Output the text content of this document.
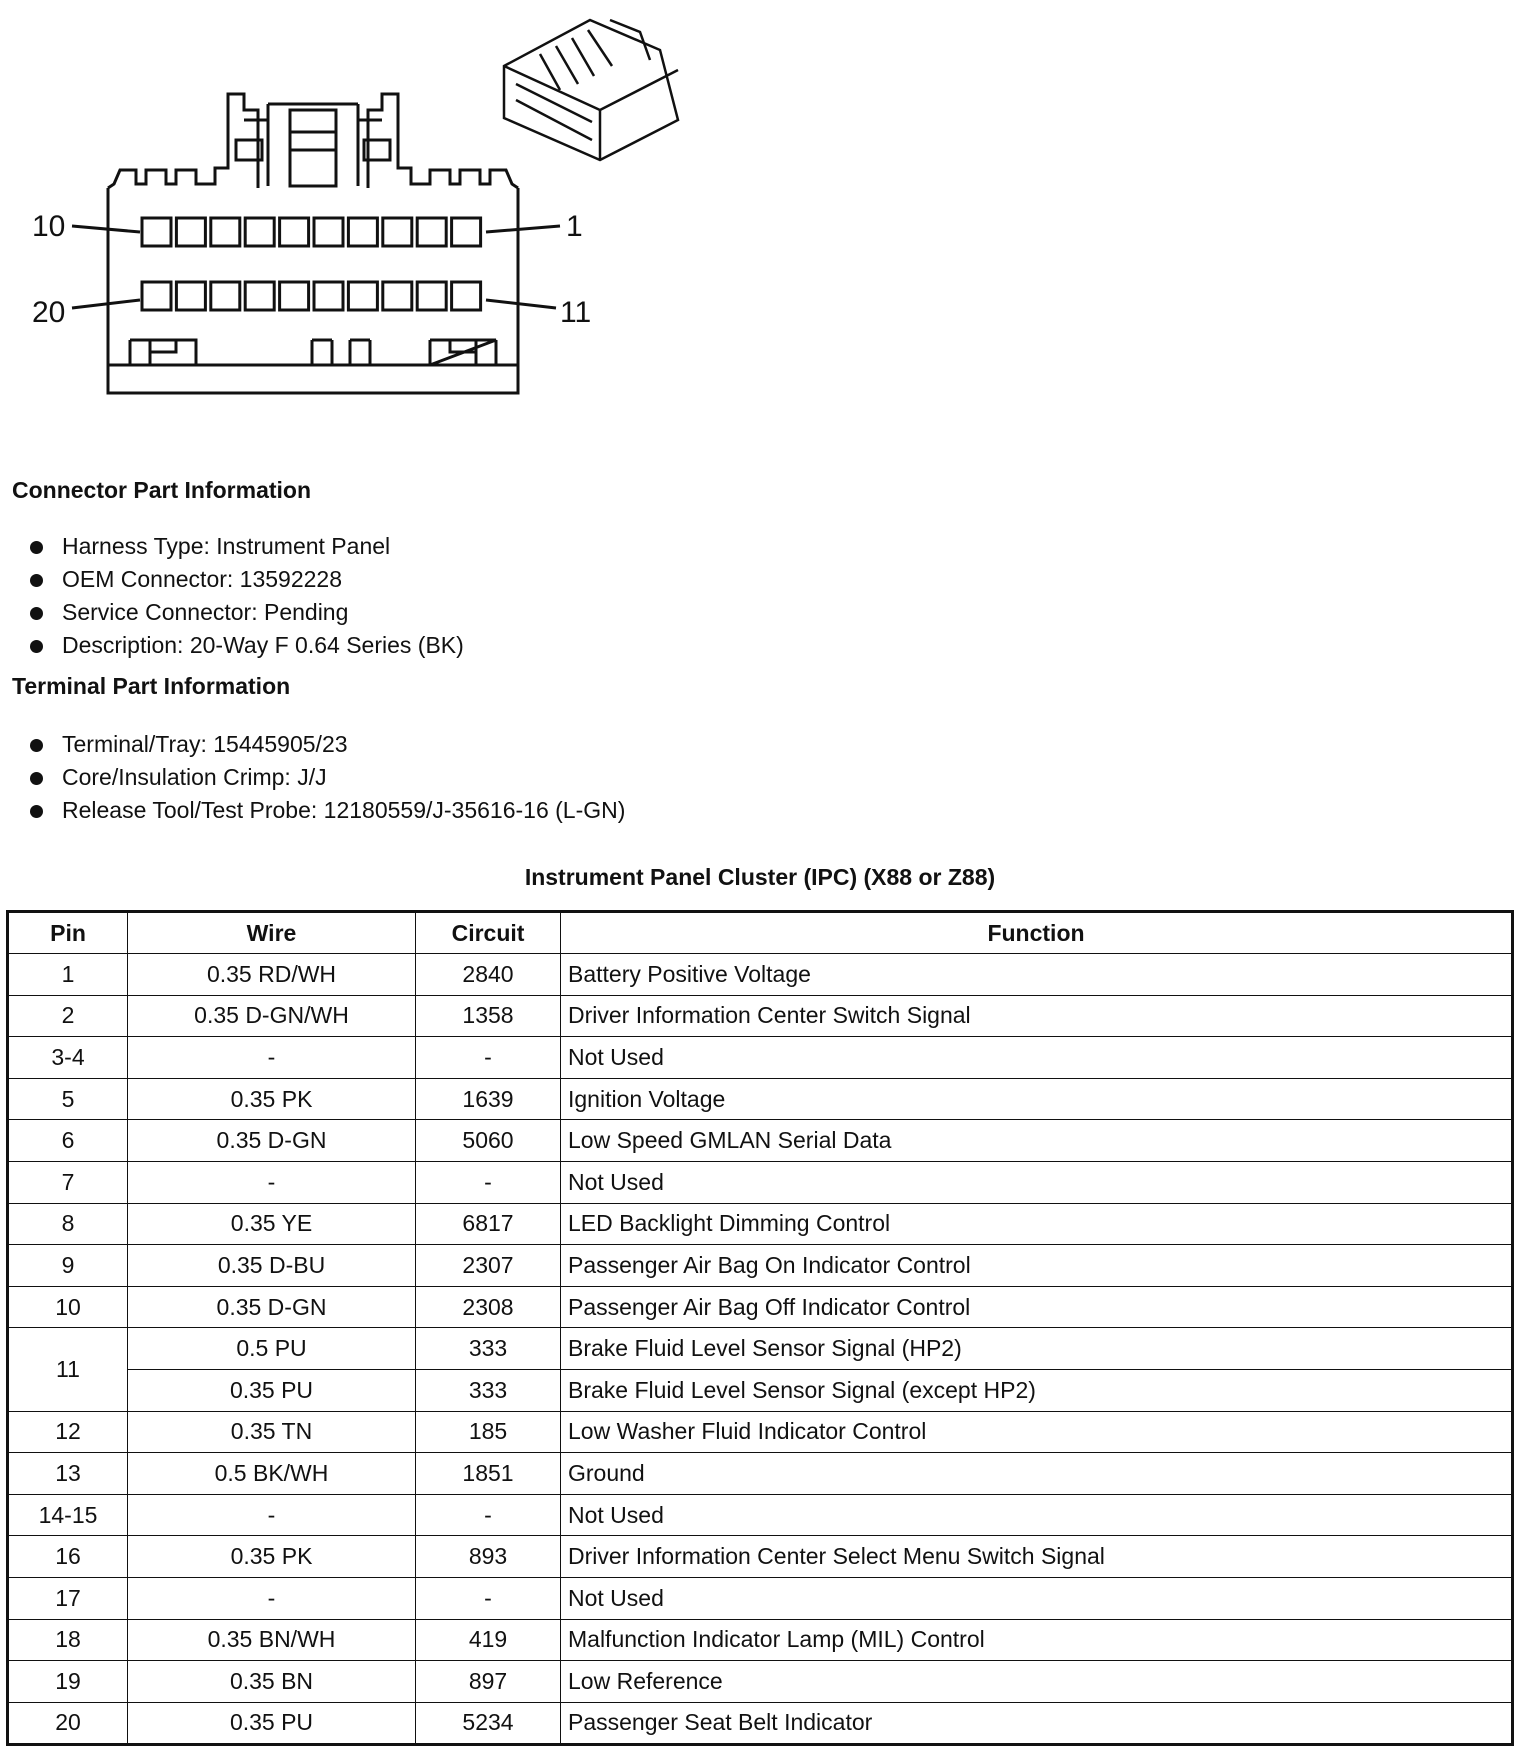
10	1
20	11
Connector Part Information
Harness Type: Instrument Panel
OEM Connector: 13592228
Service Connector: Pending
Description: 20-Way F 0.64 Series (BK)
Terminal Part Information
Terminal/Tray: 15445905/23
Core/Insulation Crimp: J/J
Release Tool/Test Probe: 12180559/J-35616-16 (L-GN)
Instrument Panel Cluster (IPC) (X88 or Z88)
Pin	Wire	Circuit	Function
1	0.35 RD/WH	2840	Battery Positive Voltage
2	0.35 D-GN/WH	1358	Driver Information Center Switch Signal
3-4	-	-	Not Used
5	0.35 PK	1639	Ignition Voltage
6	0.35 D-GN	5060	Low Speed GMLAN Serial Data
7	-	-	Not Used
8	0.35 YE	6817	LED Backlight Dimming Control
9	0.35 D-BU	2307	Passenger Air Bag On Indicator Control
10	0.35 D-GN	2308	Passenger Air Bag Off Indicator Control
11	0.5 PU	333	Brake Fluid Level Sensor Signal (HP2)
	0.35 PU	333	Brake Fluid Level Sensor Signal (except HP2)
12	0.35 TN	185	Low Washer Fluid Indicator Control
13	0.5 BK/WH	1851	Ground
14-15	-	-	Not Used
16	0.35 PK	893	Driver Information Center Select Menu Switch Signal
17	-	-	Not Used
18	0.35 BN/WH	419	Malfunction Indicator Lamp (MIL) Control
19	0.35 BN	897	Low Reference
20	0.35 PU	5234	Passenger Seat Belt Indicator
